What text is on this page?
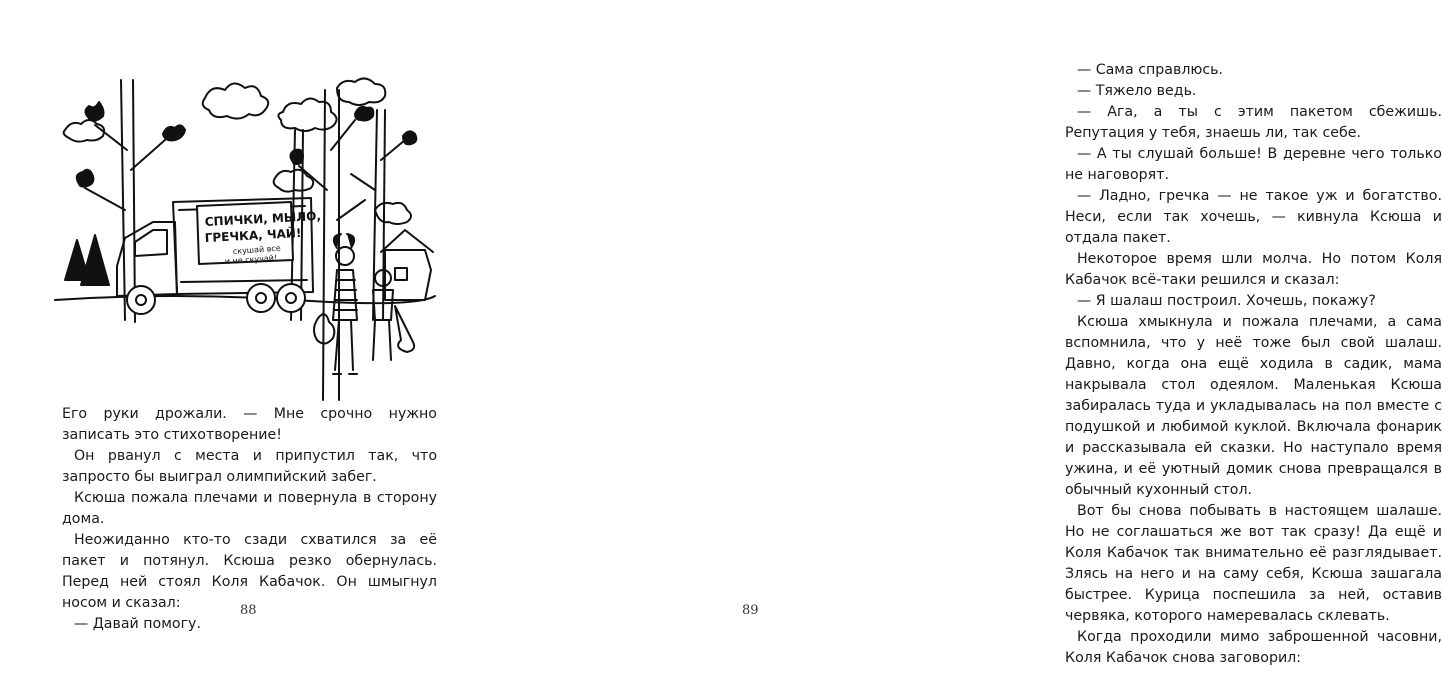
СПИЧКИ, МЫЛО,
ГРЕЧКА, ЧАЙ!
скушай все
и не скучай!

Его руки дрожали. — Мне срочно нужно записать это стихотворение!

Он рванул с места и припустил так, что запросто бы выиграл олимпийский забег.

Ксюша пожала плечами и повернула в сторону дома.

Неожиданно кто-то сзади схватился за её пакет и потянул. Ксюша резко обернулась. Перед ней стоял Коля Кабачок. Он шмыгнул носом и сказал:

— Давай помогу.

88

— Сама справлюсь.

— Тяжело ведь.

— Ага, а ты с этим пакетом сбежишь. Репутация у тебя, знаешь ли, так себе.

— А ты слушай больше! В деревне чего только не наговорят.

— Ладно, гречка — не такое уж и богатство. Неси, если так хочешь, — кивнула Ксюша и отдала пакет.

Некоторое время шли молча. Но потом Коля Кабачок всё-таки решился и сказал:

— Я шалаш построил. Хочешь, покажу?

Ксюша хмыкнула и пожала плечами, а сама вспомнила, что у неё тоже был свой шалаш. Давно, когда она ещё ходила в садик, мама накрывала стол одеялом. Маленькая Ксюша забиралась туда и укладывалась на пол вместе с подушкой и любимой куклой. Включала фонарик и рассказывала ей сказки. Но наступало время ужина, и её уютный домик снова превращался в обычный кухонный стол.

Вот бы снова побывать в настоящем шалаше. Но не соглашаться же вот так сразу! Да ещё и Коля Кабачок так внимательно её разглядывает. Злясь на него и на саму себя, Ксюша зашагала быстрее. Курица поспешила за ней, оставив червяка, которого намеревалась склевать.

Когда проходили мимо заброшенной часовни, Коля Кабачок снова заговорил:

89
